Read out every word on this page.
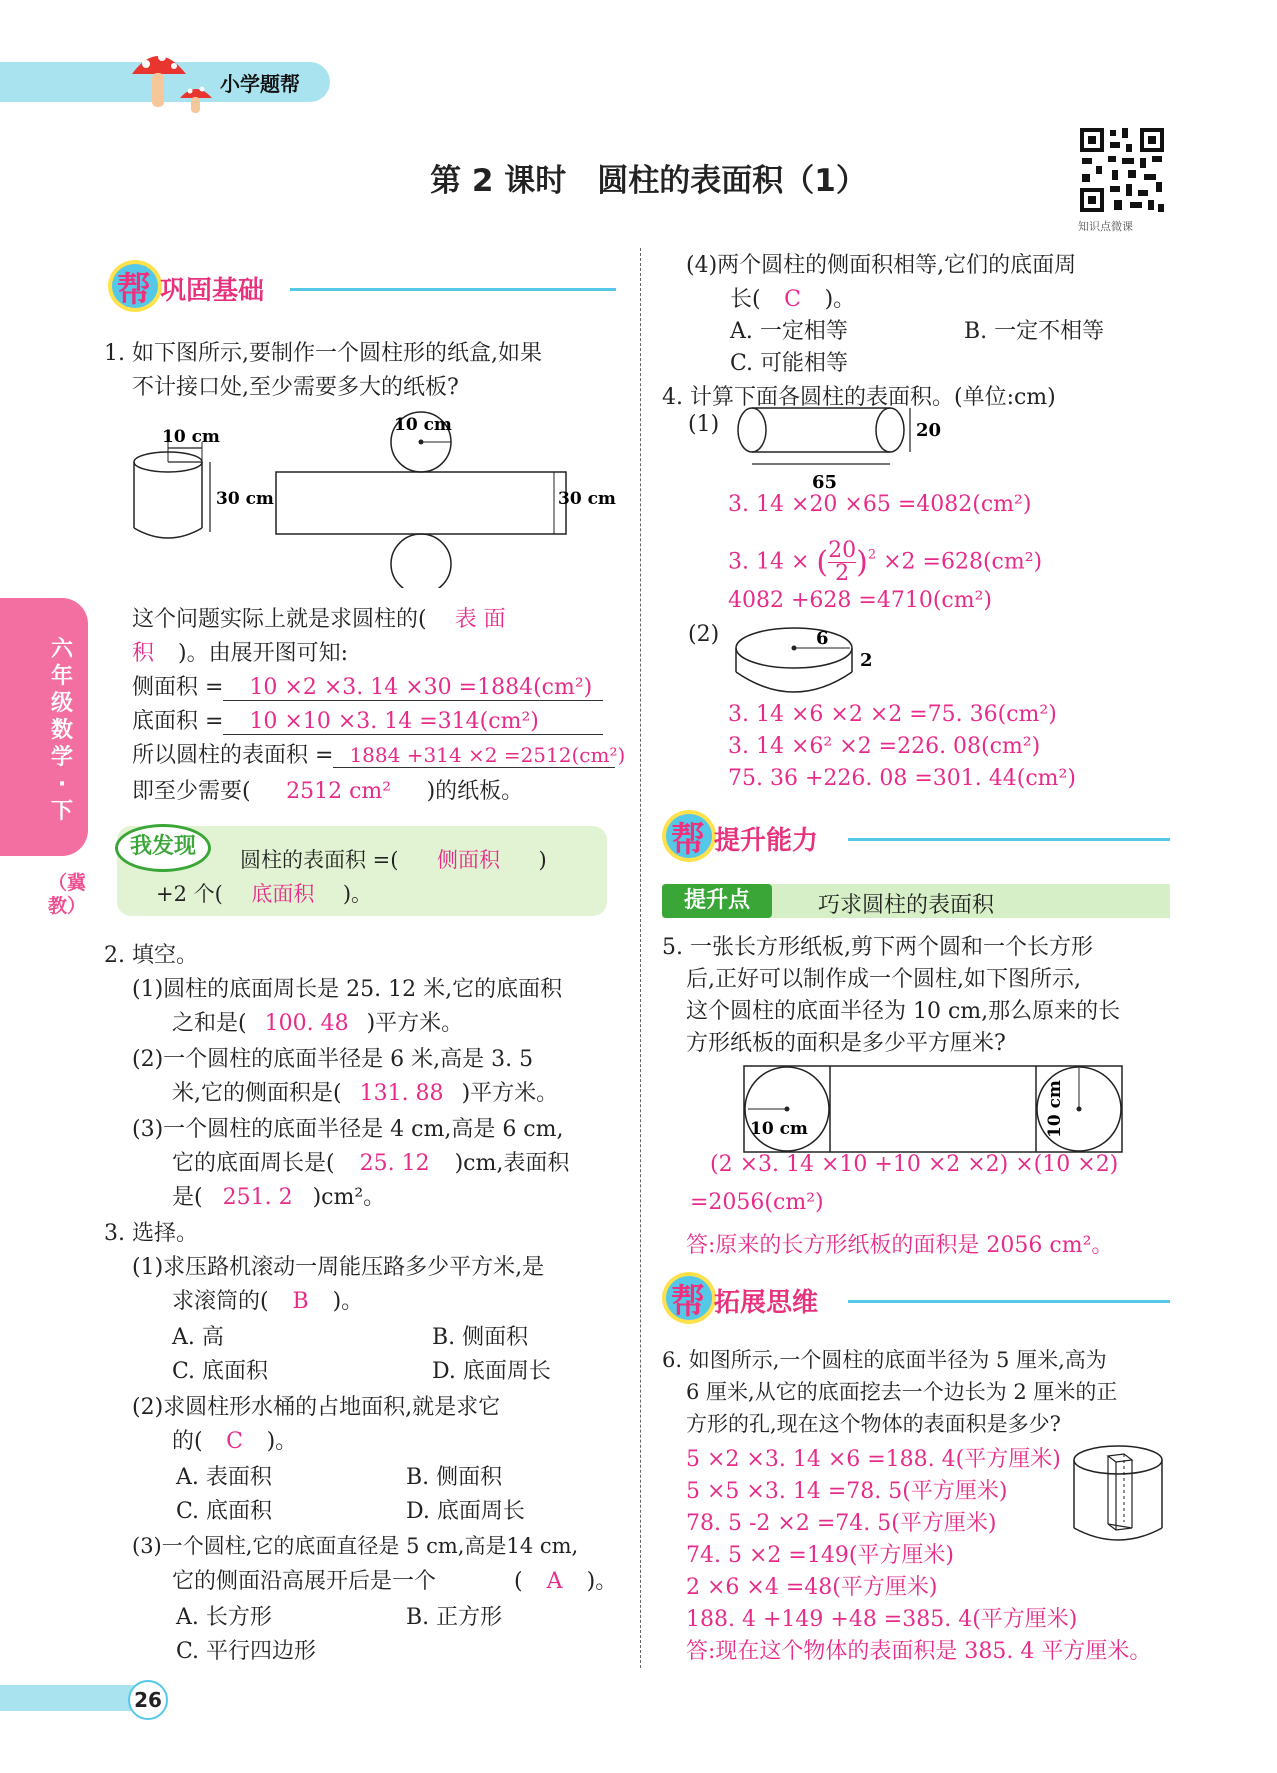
小学题帮
第 2 课时　圆柱的表面积（1）
知识点微课
六年级数学·下
（冀教）
帮 巩固基础
1. 如下图所示,要制作一个圆柱形的纸盒,如果
不计接口处,至少需要多大的纸板?
10 cm
30 cm
10 cm
30 cm
这个问题实际上就是求圆柱的( 表 面
积 )。由展开图可知:
侧面积 = 10 ×2 ×3. 14 ×30 =1884(cm²)
底面积 = 10 ×10 ×3. 14 =314(cm²)
所以圆柱的表面积 = 1884 +314 ×2 =2512(cm²)
即至少需要( 2512 cm² )的纸板。
我发现
圆柱的表面积 =( 侧面积 )
+2 个( 底面积 )。
2. 填空。
(1)圆柱的底面周长是 25. 12 米,它的底面积
之和是( 100. 48 )平方米。
(2)一个圆柱的底面半径是 6 米,高是 3. 5
米,它的侧面积是( 131. 88 )平方米。
(3)一个圆柱的底面半径是 4 cm,高是 6 cm,
它的底面周长是( 25. 12 )cm,表面积
是( 251. 2 )cm²。
3. 选择。
(1)求压路机滚动一周能压路多少平方米,是
求滚筒的( B )。
A. 高	B. 侧面积
C. 底面积	D. 底面周长
(2)求圆柱形水桶的占地面积,就是求它
的( C )。
A. 表面积	B. 侧面积
C. 底面积	D. 底面周长
(3)一个圆柱,它的底面直径是 5 cm,高是14 cm,
它的侧面沿高展开后是一个	( A )。
A. 长方形	B. 正方形
C. 平行四边形
(4)两个圆柱的侧面积相等,它们的底面周
长( C )。
A. 一定相等	B. 一定不相等
C. 可能相等
4. 计算下面各圆柱的表面积。(单位:cm)
(1)	20
65
3. 14 ×20 ×65 =4082(cm²)
3. 14 × ( $\frac{20}{2} )^2 \times 2 =628(cm^2)$
4082 +628 =4710(cm²)
(2)	6
2
3. 14 ×6 ×2 ×2 =75. 36(cm²)
3. 14 ×6² ×2 =226. 08(cm²)
75. 36 +226. 08 =301. 44(cm²)
帮 提升能力
提升点	巧求圆柱的表面积
5. 一张长方形纸板,剪下两个圆和一个长方形
后,正好可以制作成一个圆柱,如下图所示,
这个圆柱的底面半径为 10 cm,那么原来的长
方形纸板的面积是多少平方厘米?
10 cm	10 cm
(2 ×3. 14 ×10 +10 ×2 ×2) ×(10 ×2)
=2056(cm²)
答:原来的长方形纸板的面积是 2056 cm²。
帮 拓展思维
6. 如图所示,一个圆柱的底面半径为 5 厘米,高为
6 厘米,从它的底面挖去一个边长为 2 厘米的正
方形的孔,现在这个物体的表面积是多少?
5 ×2 ×3. 14 ×6 =188. 4(平方厘米)
5 ×5 ×3. 14 =78. 5(平方厘米)
78. 5 -2 ×2 =74. 5(平方厘米)
74. 5 ×2 =149(平方厘米)
2 ×6 ×4 =48(平方厘米)
188. 4 +149 +48 =385. 4(平方厘米)
答:现在这个物体的表面积是 385. 4 平方厘米。
26
